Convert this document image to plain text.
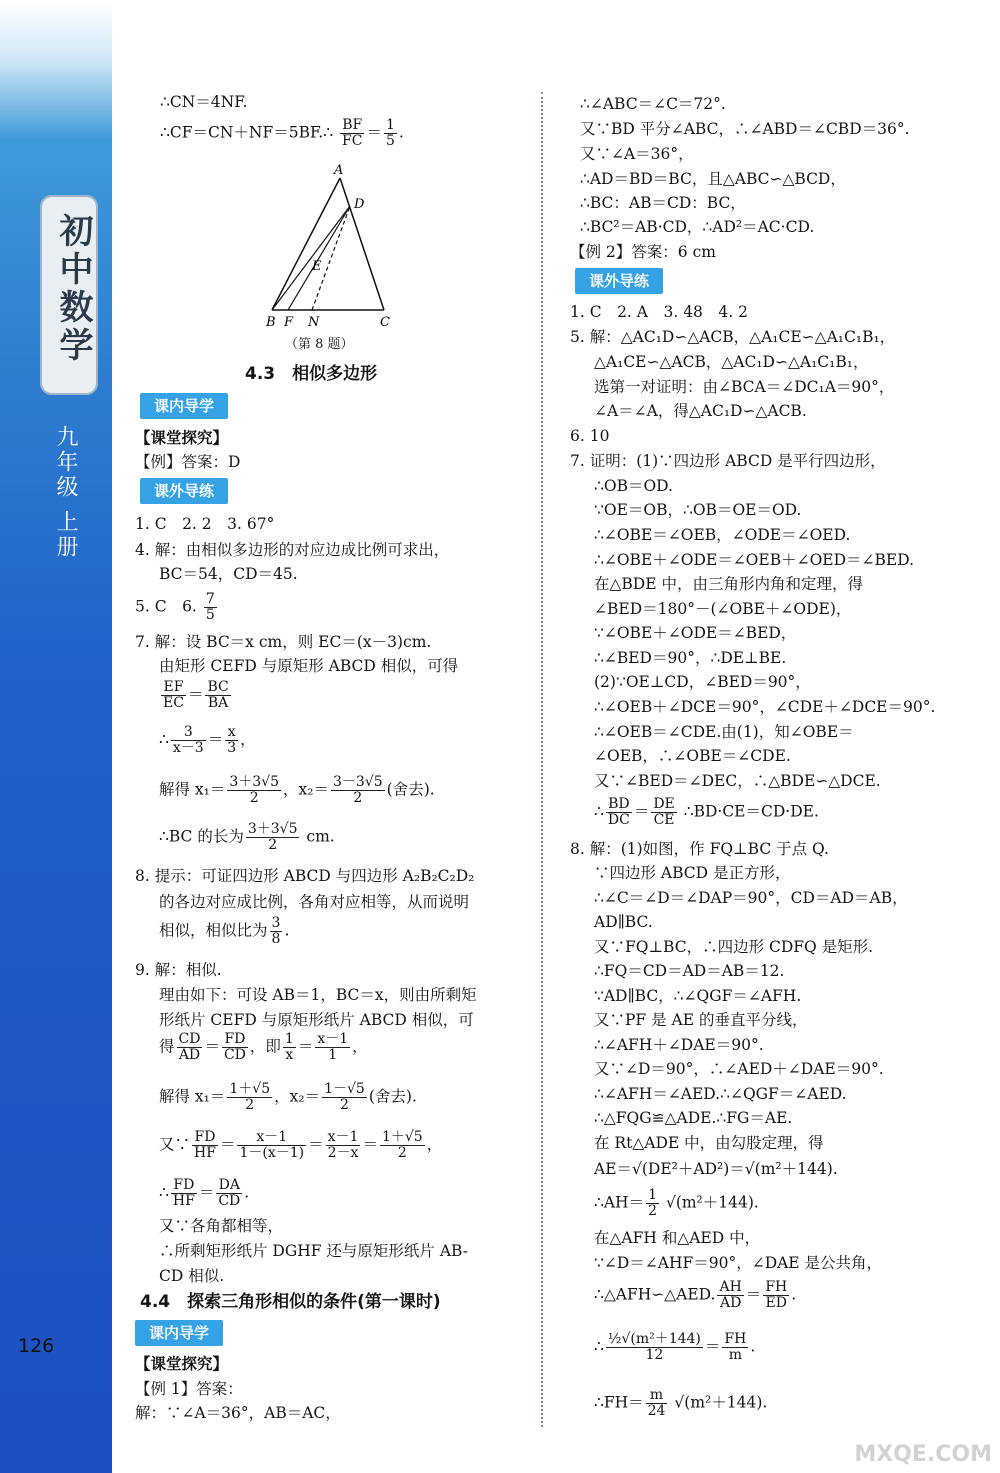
初中数学
九年级 上册
126
∴CN＝4NF.
∴CF＝CN＋NF＝5BF.∴ $\frac{BF}{FC} = \frac{1}{5}$ .
A
D
E
B F N	C
（第 8 题）
4.3　相似多边形
课内导学
【课堂探究】
【例】答案：D
课外导练
1. C　2. 2　3. 67°
4. 解：由相似多边形的对应边成比例可求出，
BC＝54，CD＝45.
5. C　6. $\frac{7}{5}$
7. 解：设 BC＝x cm，则 EC＝(x－3)cm.
由矩形 CEFD 与原矩形 ABCD 相似，可得
$\frac{EF}{EC} = \frac{BC}{BA}$
∴ $\frac{3}{x-3} = \frac{x}{3}$ ，
解得 $x_1= \frac{3+3√5}{2}$ ，$x_2= \frac{3-3√5}{2}$ (舍去).
∴BC 的长为 $\frac{3+3√5}{2}$ cm.
8. 提示：可证四边形 ABCD 与四边形 A₂B₂C₂D₂
的各边对应成比例，各角对应相等，从而说明
相似，相似比为 $\frac{3}{8}$ .
9. 解：相似.
理由如下：可设 AB＝1，BC＝x，则由所剩矩
形纸片 CEFD 与原矩形纸片 ABCD 相似，可
得 $\frac{CD}{AD} = \frac{FD}{CD}$ ，即 $\frac{1}{x} = \frac{x-1}{1}$ ，
解得 $x_1= \frac{1+√5}{2}$ ，$x_2= \frac{1-√5}{2}$ (舍去).
又∵ $\frac{FD}{HF} = \frac{x-1}{1-(x-1)} = \frac{x-1}{2-x} = \frac{1+√5}{2}$ ，
∴ $\frac{FD}{HF} = \frac{DA}{CD}$ .
又∵各角都相等，
∴所剩矩形纸片 DGHF 还与原矩形纸片 AB-
CD 相似.
4.4　探索三角形相似的条件(第一课时)
课内导学
【课堂探究】
【例 1】答案：
解：∵∠A＝36°，AB＝AC，
∴∠ABC＝∠C＝72°.
又∵BD 平分∠ABC，∴∠ABD＝∠CBD＝36°.
又∵∠A＝36°，
∴AD＝BD＝BC，且△ABC∽△BCD，
∴BC：AB＝CD：BC，
∴BC²＝AB·CD，∴AD²＝AC·CD.
【例 2】答案：6 cm
课外导练
1. C　2. A　3. 48　4. 2
5. 解：△AC₁D∽△ACB，△A₁CE∽△A₁C₁B₁，
△A₁CE∽△ACB，△AC₁D∽△A₁C₁B₁，
选第一对证明：由∠BCA＝∠DC₁A＝90°，
∠A＝∠A，得△AC₁D∽△ACB.
6. 10
7. 证明：(1)∵四边形 ABCD 是平行四边形，
∴OB＝OD.
∵OE＝OB，∴OB＝OE＝OD.
∴∠OBE＝∠OEB，∠ODE＝∠OED.
∴∠OBE＋∠ODE＝∠OEB＋∠OED＝∠BED.
在△BDE 中，由三角形内角和定理，得
∠BED＝180°－(∠OBE＋∠ODE)，
∵∠OBE＋∠ODE＝∠BED，
∴∠BED＝90°，∴DE⊥BE.
(2)∵OE⊥CD，∠BED＝90°，
∴∠OEB＋∠DCE＝90°，∠CDE＋∠DCE＝90°.
∴∠OEB＝∠CDE.由(1)，知∠OBE＝
∠OEB，∴∠OBE＝∠CDE.
又∵∠BED＝∠DEC，∴△BDE∽△DCE.
∴ $\frac{BD}{DC} = \frac{DE}{CE}$ ∴BD·CE＝CD·DE.
8. 解：(1)如图，作 FQ⊥BC 于点 Q.
∵四边形 ABCD 是正方形，
∴∠C＝∠D＝∠DAP＝90°，CD＝AD＝AB，
AD∥BC.
又∵FQ⊥BC，∴四边形 CDFQ 是矩形.
∴FQ＝CD＝AD＝AB＝12.
∵AD∥BC，∴∠QGF＝∠AFH.
又∵PF 是 AE 的垂直平分线，
∴∠AFH＋∠DAE＝90°.
又∵∠D＝90°，∴∠AED＋∠DAE＝90°.
∴∠AFH＝∠AED.∴∠QGF＝∠AED.
∴△FQG≌△ADE.∴FG＝AE.
在 Rt△ADE 中，由勾股定理，得
AE＝√(DE²＋AD²)＝√(m²＋144).
∴AH＝ $\frac{1}{2} √(m^2+144)$.
在△AFH 和△AED 中，
∵∠D＝∠AHF＝90°，∠DAE 是公共角，
∴△AFH∽△AED. $\frac{AH}{AD} = \frac{FH}{ED}$ .
∴ $\frac{\text{½√(m²＋144)}}{12} = \frac{FH}{m}$ .
∴FH＝ $\frac{m}{24} √(m^2+144)$.
MXQE.COM
